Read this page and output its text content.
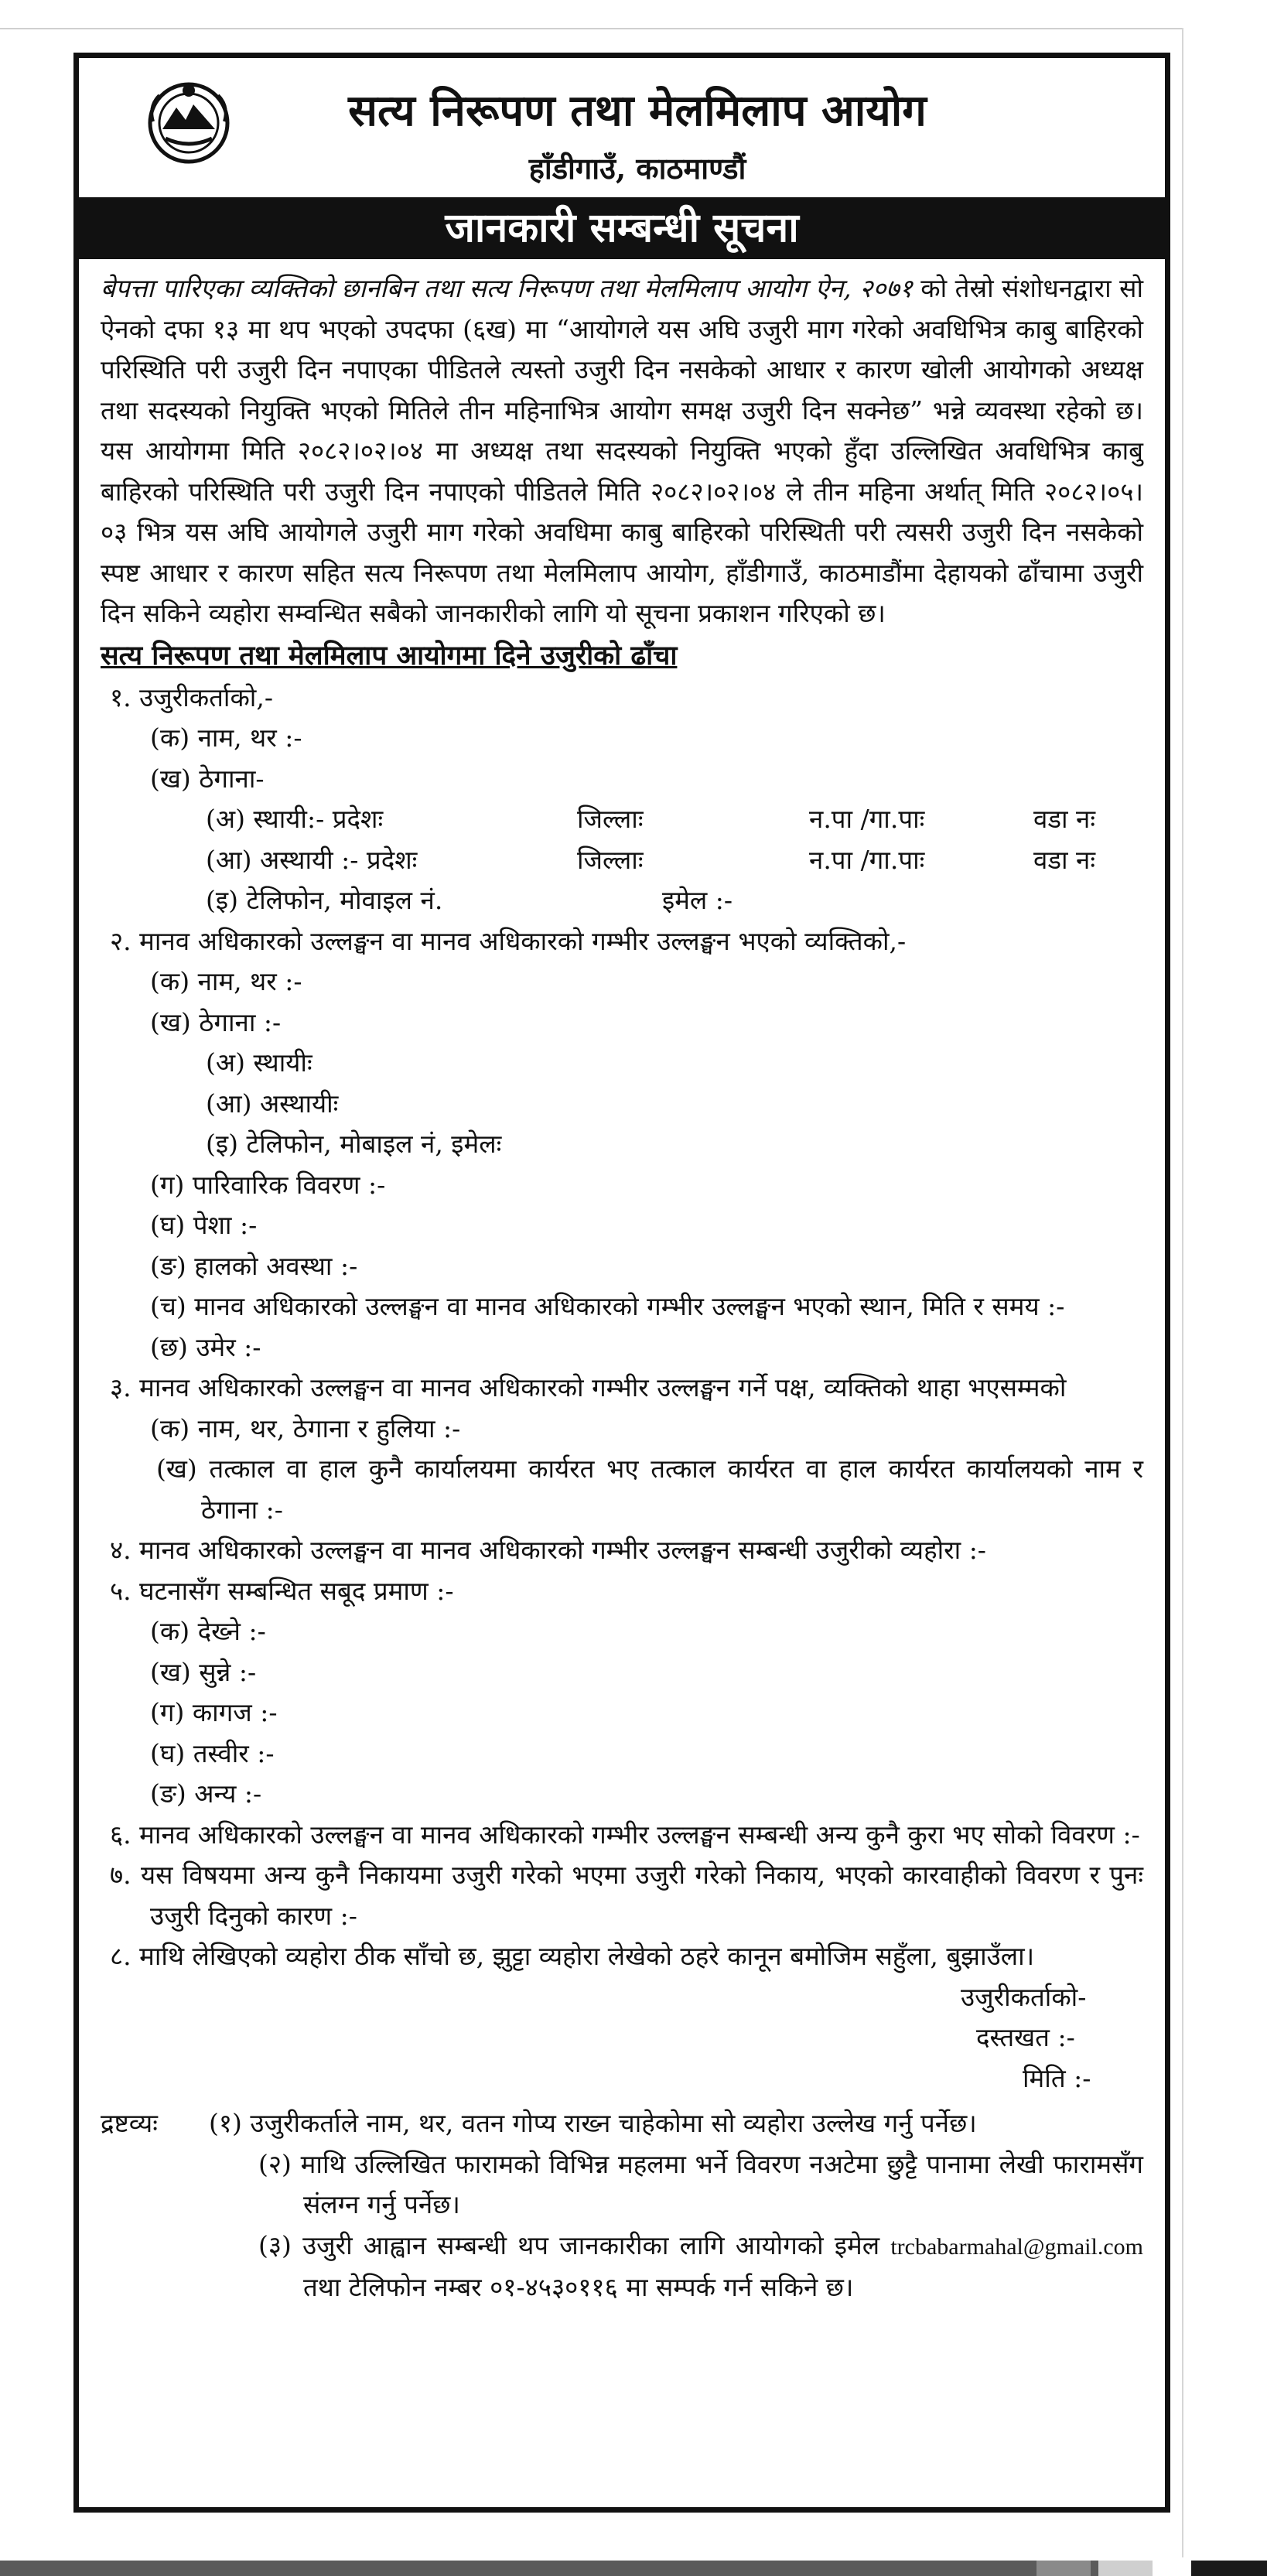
सत्य निरूपण तथा मेलमिलाप आयोग
हाँडीगाउँ, काठमाण्डौं
जानकारी सम्बन्धी सूचना

बेपत्ता पारिएका व्यक्तिको छानबिन तथा सत्य निरूपण तथा मेलमिलाप आयोग ऐन, २०७१ को तेस्रो संशोधनद्वारा सो ऐनको दफा १३ मा थप भएको उपदफा (६ख) मा “आयोगले यस अघि उजुरी माग गरेको अवधिभित्र काबु बाहिरको परिस्थिति परी उजुरी दिन नपाएका पीडितले त्यस्तो उजुरी दिन नसकेको आधार र कारण खोली आयोगको अध्यक्ष तथा सदस्यको नियुक्ति भएको मितिले तीन महिनाभित्र आयोग समक्ष उजुरी दिन सक्नेछ” भन्ने व्यवस्था रहेको छ। यस आयोगमा मिति २०८२।०२।०४ मा अध्यक्ष तथा सदस्यको नियुक्ति भएको हुँदा उल्लिखित अवधिभित्र काबु बाहिरको परिस्थिति परी उजुरी दिन नपाएको पीडितले मिति २०८२।०२।०४ ले तीन महिना अर्थात् मिति २०८२।०५।०३ भित्र यस अघि आयोगले उजुरी माग गरेको अवधिमा काबु बाहिरको परिस्थिती परी त्यसरी उजुरी दिन नसकेको स्पष्ट आधार र कारण सहित सत्य निरूपण तथा मेलमिलाप आयोग, हाँडीगाउँ, काठमाडौंमा देहायको ढाँचामा उजुरी दिन सकिने व्यहोरा सम्वन्धित सबैको जानकारीको लागि यो सूचना प्रकाशन गरिएको छ।

सत्य निरूपण तथा मेलमिलाप आयोगमा दिने उजुरीको ढाँचा

१. उजुरीकर्ताको,-
(क) नाम, थर :-
(ख) ठेगाना-
(अ) स्थायी:- प्रदेशः	जिल्लाः	न.पा /गा.पाः	वडा नः
(आ) अस्थायी :- प्रदेशः	जिल्लाः	न.पा /गा.पाः	वडा नः
(इ) टेलिफोन, मोवाइल नं.	इमेल :-
२. मानव अधिकारको उल्लङ्घन वा मानव अधिकारको गम्भीर उल्लङ्घन भएको व्यक्तिको,-
(क) नाम, थर :-
(ख) ठेगाना :-
(अ) स्थायीः
(आ) अस्थायीः
(इ) टेलिफोन, मोबाइल नं, इमेलः
(ग) पारिवारिक विवरण :-
(घ) पेशा :-
(ङ) हालको अवस्था :-
(च) मानव अधिकारको उल्लङ्घन वा मानव अधिकारको गम्भीर उल्लङ्घन भएको स्थान, मिति र समय :-
(छ) उमेर :-
३. मानव अधिकारको उल्लङ्घन वा मानव अधिकारको गम्भीर उल्लङ्घन गर्ने पक्ष, व्यक्तिको थाहा भएसम्मको
(क) नाम, थर, ठेगाना र हुलिया :-
(ख) तत्काल वा हाल कुनै कार्यालयमा कार्यरत भए तत्काल कार्यरत वा हाल कार्यरत कार्यालयको नाम र ठेगाना :-
४. मानव अधिकारको उल्लङ्घन वा मानव अधिकारको गम्भीर उल्लङ्घन सम्बन्धी उजुरीको व्यहोरा :-
५. घटनासँग सम्बन्धित सबूद प्रमाण :-
(क) देख्ने :-
(ख) सुन्ने :-
(ग) कागज :-
(घ) तस्वीर :-
(ङ) अन्य :-
६. मानव अधिकारको उल्लङ्घन वा मानव अधिकारको गम्भीर उल्लङ्घन सम्बन्धी अन्य कुनै कुरा भए सोको विवरण :-
७. यस विषयमा अन्य कुनै निकायमा उजुरी गरेको भएमा उजुरी गरेको निकाय, भएको कारवाहीको विवरण र पुनः उजुरी दिनुको कारण :-
८. माथि लेखिएको व्यहोरा ठीक साँचो छ, झुट्टा व्यहोरा लेखेको ठहरे कानून बमोजिम सहुँला, बुझाउँला।
उजुरीकर्ताको-
दस्तखत :-
मिति :-
द्रष्टव्यः	(१) उजुरीकर्ताले नाम, थर, वतन गोप्य राख्न चाहेकोमा सो व्यहोरा उल्लेख गर्नु पर्नेछ।
(२) माथि उल्लिखित फारामको विभिन्न महलमा भर्ने विवरण नअटेमा छुट्टै पानामा लेखी फारामसँग संलग्न गर्नु पर्नेछ।
(३) उजुरी आह्वान सम्बन्धी थप जानकारीका लागि आयोगको इमेल trcbabarmahal@gmail.com तथा टेलिफोन नम्बर ०१-४५३०११६ मा सम्पर्क गर्न सकिने छ।
